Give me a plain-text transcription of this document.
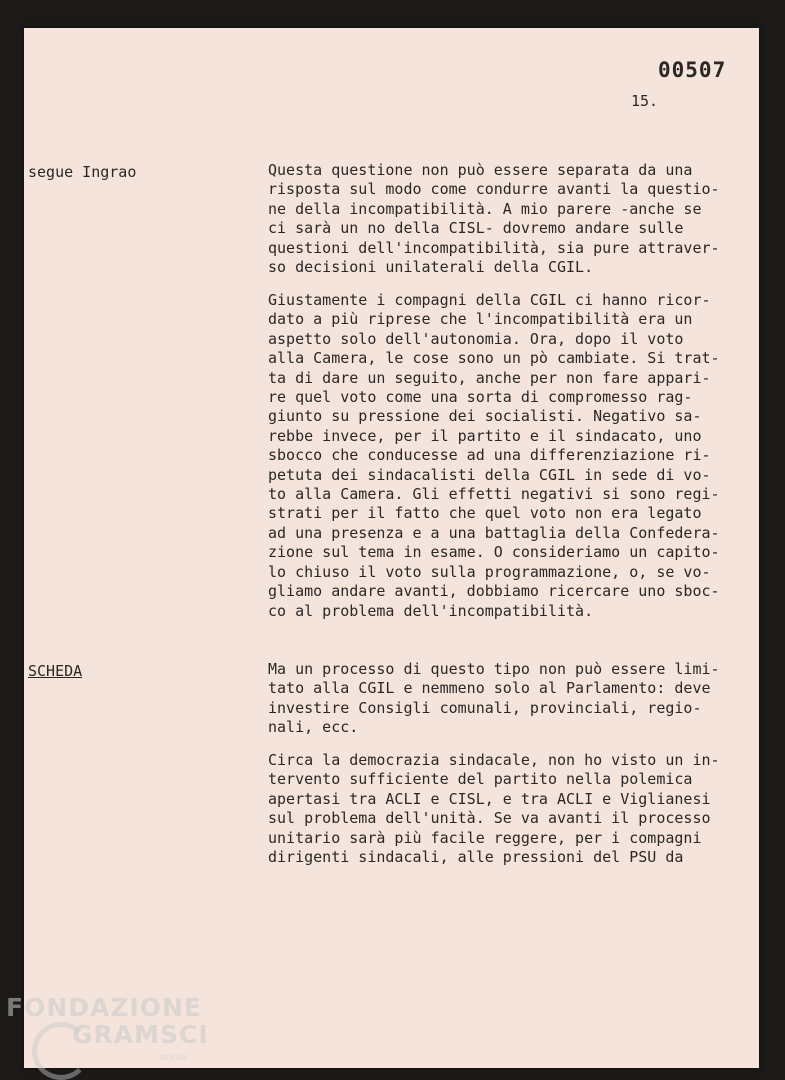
00507
15.
segue Ingrao
SCHEDA

Questa questione non può essere separata da una
risposta sul modo come condurre avanti la questio-
ne della incompatibilità. A mio parere -anche se
ci sarà un no della CISL- dovremo andare sulle
questioni dell'incompatibilità, sia pure attraver-
so decisioni unilaterali della CGIL.

Giustamente i compagni della CGIL ci hanno ricor-
dato a più riprese che l'incompatibilità era un
aspetto solo dell'autonomia. Ora, dopo il voto
alla Camera, le cose sono un pò cambiate. Si trat-
ta di dare un seguito, anche per non fare appari-
re quel voto come una sorta di compromesso rag-
giunto su pressione dei socialisti. Negativo sa-
rebbe invece, per il partito e il sindacato, uno
sbocco che conducesse ad una differenziazione ri-
petuta dei sindacalisti della CGIL in sede di vo-
to alla Camera. Gli effetti negativi si sono regi-
strati per il fatto che quel voto non era legato
ad una presenza e a una battaglia della Confedera-
zione sul tema in esame. O consideriamo un capito-
lo chiuso il voto sulla programmazione, o, se vo-
gliamo andare avanti, dobbiamo ricercare uno sboc-
co al problema dell'incompatibilità.

Ma un processo di questo tipo non può essere limi-
tato alla CGIL e nemmeno solo al Parlamento: deve
investire Consigli comunali, provinciali, regio-
nali, ecc.

Circa la democrazia sindacale, non ho visto un in-
tervento sufficiente del partito nella polemica
apertasi tra ACLI e CISL, e tra ACLI e Viglianesi
sul problema dell'unità. Se va avanti il processo
unitario sarà più facile reggere, per i compagni
dirigenti sindacali, alle pressioni del PSU da

FONDAZIONE
GRAMSCI
onlus
